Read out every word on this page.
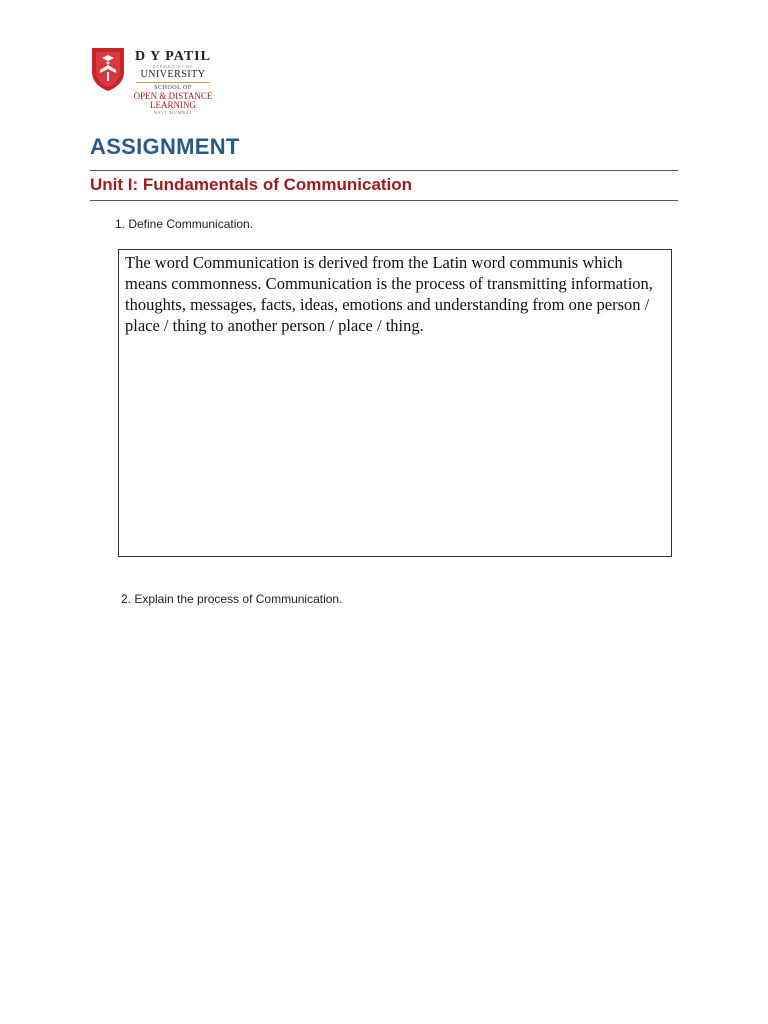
D Y PATIL
DEEMED TO BE
UNIVERSITY
SCHOOL OF
OPEN & DISTANCE
LEARNING
NAVI MUMBAI
ASSIGNMENT
Unit I: Fundamentals of Communication
1. Define Communication.

The word Communication is derived from the Latin word communis which means commonness. Communication is the process of transmitting information, thoughts, messages, facts, ideas, emotions and understanding from one person / place / thing to another person / place / thing.

2. Explain the process of Communication.
